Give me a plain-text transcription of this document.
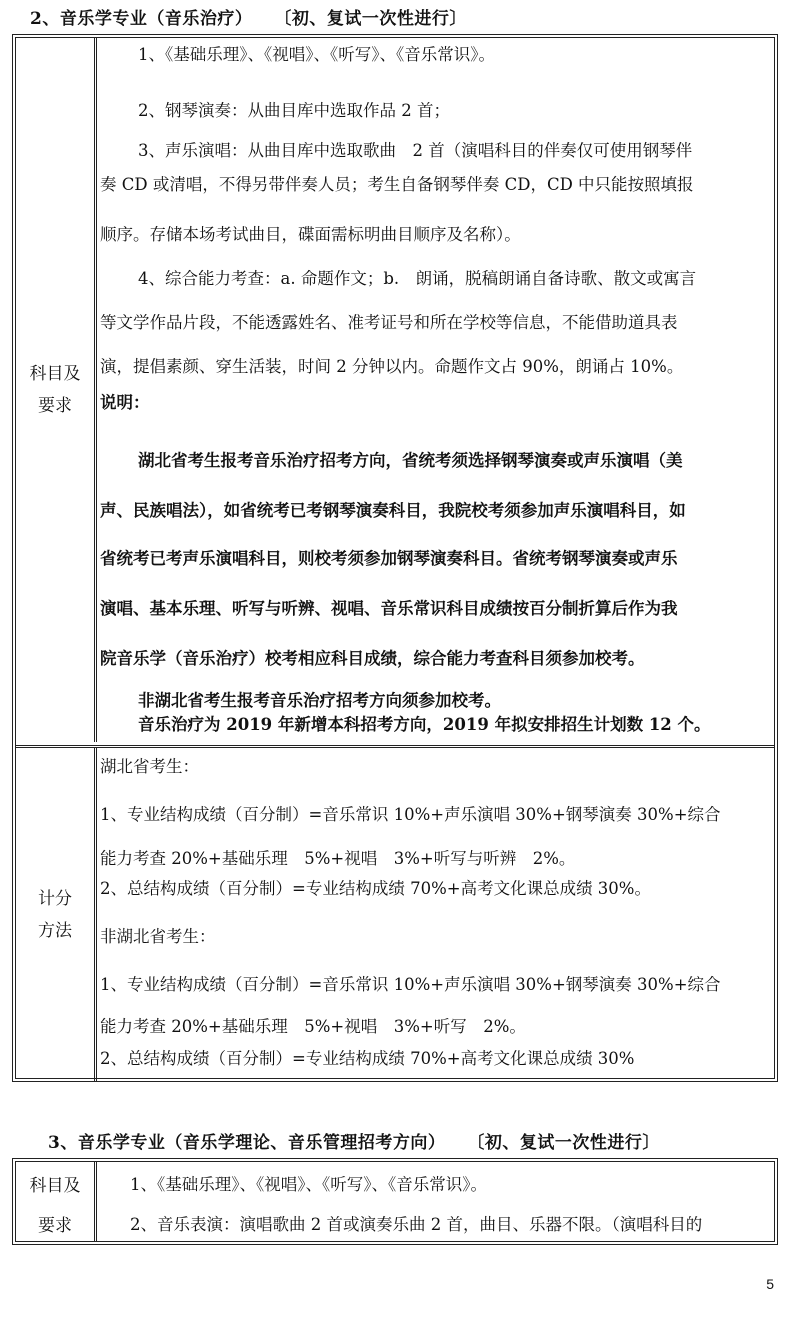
2、音乐学专业（音乐治疗） 〔初、复试一次性进行〕
科目及
要求
1、《基础乐理》、《视唱》、《听写》、《音乐常识》。
2、钢琴演奏：从曲目库中选取作品 2 首；
3、声乐演唱：从曲目库中选取歌曲　2 首（演唱科目的伴奏仅可使用钢琴伴
奏 CD 或清唱，不得另带伴奏人员；考生自备钢琴伴奏 CD，CD 中只能按照填报
顺序。存储本场考试曲目，碟面需标明曲目顺序及名称）。
4、综合能力考查：a. 命题作文；b.　朗诵，脱稿朗诵自备诗歌、散文或寓言
等文学作品片段，不能透露姓名、准考证号和所在学校等信息，不能借助道具表
演，提倡素颜、穿生活装，时间 2 分钟以内。命题作文占 90%，朗诵占 10%。
说明：
湖北省考生报考音乐治疗招考方向，省统考须选择钢琴演奏或声乐演唱（美
声、民族唱法），如省统考已考钢琴演奏科目，我院校考须参加声乐演唱科目，如
省统考已考声乐演唱科目，则校考须参加钢琴演奏科目。省统考钢琴演奏或声乐
演唱、基本乐理、听写与听辨、视唱、音乐常识科目成绩按百分制折算后作为我
院音乐学（音乐治疗）校考相应科目成绩，综合能力考查科目须参加校考。
非湖北省考生报考音乐治疗招考方向须参加校考。
音乐治疗为 2019 年新增本科招考方向，2019 年拟安排招生计划数 12 个。
计分
方法
湖北省考生：
1、专业结构成绩（百分制）=音乐常识 10%+声乐演唱 30%+钢琴演奏 30%+综合
能力考查 20%+基础乐理　5%+视唱　3%+听写与听辨　2%。
2、总结构成绩（百分制）=专业结构成绩 70%+高考文化课总成绩 30%。
非湖北省考生：
1、专业结构成绩（百分制）=音乐常识 10%+声乐演唱 30%+钢琴演奏 30%+综合
能力考查 20%+基础乐理　5%+视唱　3%+听写　2%。
2、总结构成绩（百分制）=专业结构成绩 70%+高考文化课总成绩 30%
3、音乐学专业（音乐学理论、音乐管理招考方向） 〔初、复试一次性进行〕
科目及
要求
1、《基础乐理》、《视唱》、《听写》、《音乐常识》。
2、音乐表演：演唱歌曲 2 首或演奏乐曲 2 首，曲目、乐器不限。（演唱科目的
5
